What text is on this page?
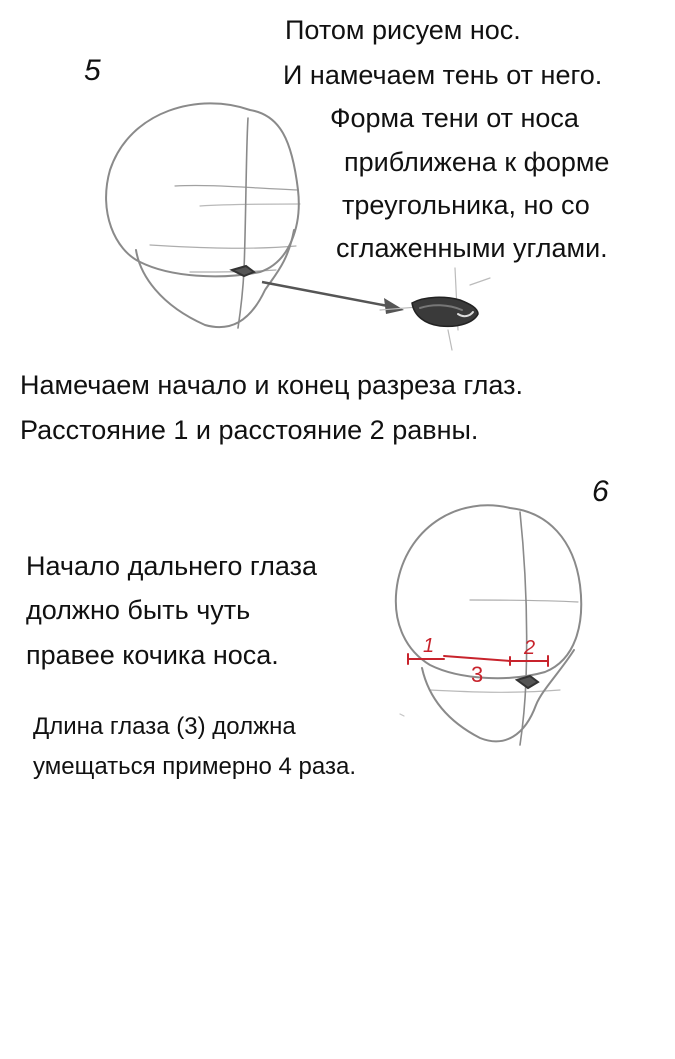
5
Потом рисуем нос.
И намечаем тень от него.
Форма тени от носа
приближена к форме
треугольника, но со
сглаженными углами.
Намечаем начало и конец разреза глаз.
Расстояние 1 и расстояние 2 равны.
6
Начало дальнего глаза
должно быть чуть
правее кочика носа.
Длина глаза (3) должна
умещаться примерно 4 раза.
1	2
3
